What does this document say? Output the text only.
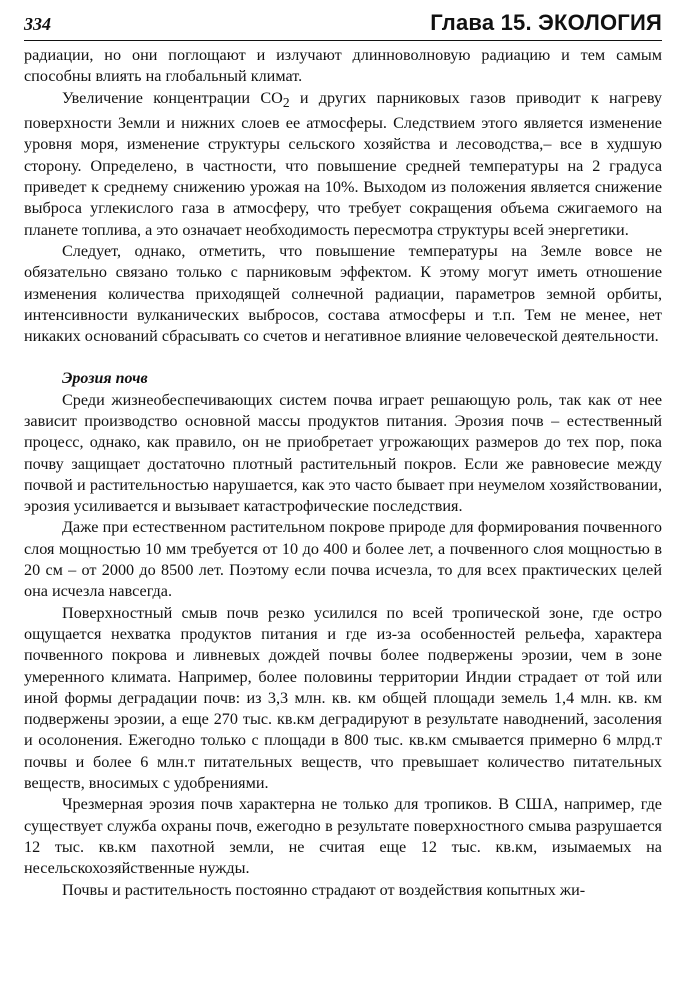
334	Глава 15. ЭКОЛОГИЯ

радиации, но они поглощают и излучают длинноволновую радиацию и тем самым способны влиять на глобальный климат.

Увеличение концентрации $CO_2$ и других парниковых газов приводит к нагреву поверхности Земли и нижних слоев ее атмосферы. Следствием этого является изменение уровня моря, изменение структуры сельского хозяйства и лесоводства,– все в худшую сторону. Определено, в частности, что повышение средней температуры на 2 градуса приведет к среднему снижению урожая на 10%. Выходом из положения является снижение выброса углекислого газа в атмосферу, что требует сокращения объема сжигаемого на планете топлива, а это означает необходимость пересмотра структуры всей энергетики.

Следует, однако, отметить, что повышение температуры на Земле вовсе не обязательно связано только с парниковым эффектом. К этому могут иметь отношение изменения количества приходящей солнечной радиации, параметров земной орбиты, интенсивности вулканических выбросов, состава атмосферы и т.п. Тем не менее, нет никаких оснований сбрасывать со счетов и негативное влияние человеческой деятельности.

Эрозия почв

Среди жизнеобеспечивающих систем почва играет решающую роль, так как от нее зависит производство основной массы продуктов питания. Эрозия почв – естественный процесс, однако, как правило, он не приобретает угрожающих размеров до тех пор, пока почву защищает достаточно плотный растительный покров. Если же равновесие между почвой и растительностью нарушается, как это часто бывает при неумелом хозяйствовании, эрозия усиливается и вызывает катастрофические последствия.

Даже при естественном растительном покрове природе для формирования почвенного слоя мощностью 10 мм требуется от 10 до 400 и более лет, а почвенного слоя мощностью в 20 см – от 2000 до 8500 лет. Поэтому если почва исчезла, то для всех практических целей она исчезла навсегда.

Поверхностный смыв почв резко усилился по всей тропической зоне, где остро ощущается нехватка продуктов питания и где из-за особенностей рельефа, характера почвенного покрова и ливневых дождей почвы более подвержены эрозии, чем в зоне умеренного климата. Например, более половины территории Индии страдает от той или иной формы деградации почв: из 3,3 млн. кв. км общей площади земель 1,4 млн. кв. км подвержены эрозии, а еще 270 тыс. кв.км деградируют в результате наводнений, засоления и осолонения. Ежегодно только с площади в 800 тыс. кв.км смывается примерно 6 млрд.т почвы и более 6 млн.т питательных веществ, что превышает количество питательных веществ, вносимых с удобрениями.

Чрезмерная эрозия почв характерна не только для тропиков. В США, например, где существует служба охраны почв, ежегодно в результате поверхностного смыва разрушается 12 тыс. кв.км пахотной земли, не считая еще 12 тыс. кв.км, изымаемых на несельскохозяйственные нужды.

Почвы и растительность постоянно страдают от воздействия копытных жи-
